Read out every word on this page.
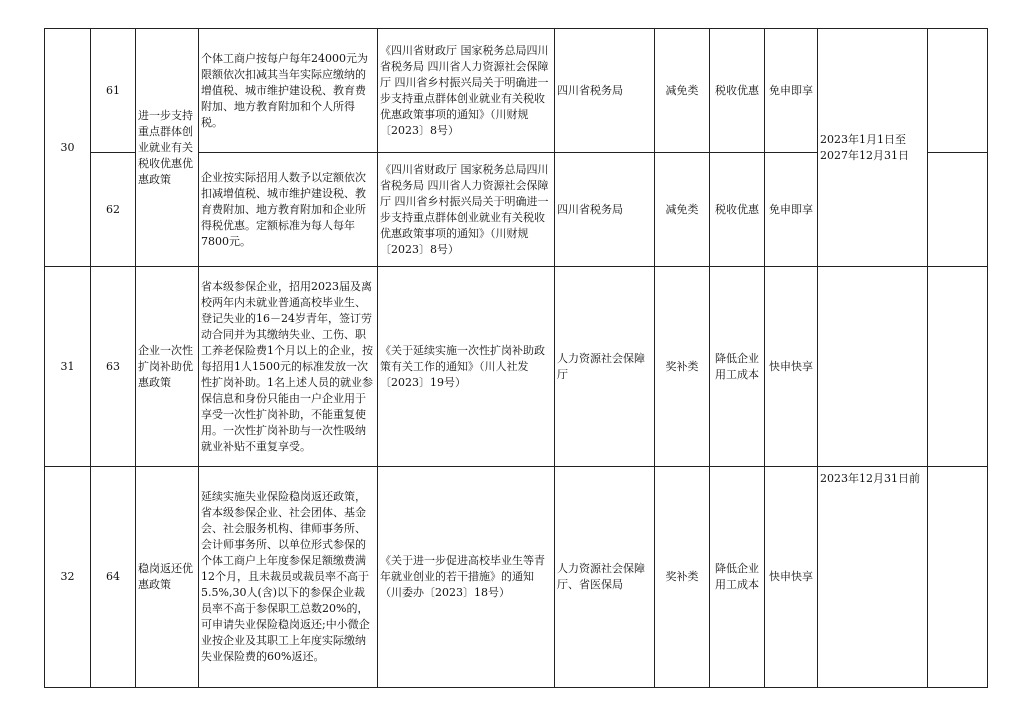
30	61	进一步支持重点群体创业就业有关税收优惠优惠政策	个体工商户按每户每年24000元为限额依次扣减其当年实际应缴纳的增值税、城市维护建设税、教育费附加、地方教育附加和个人所得税。	《四川省财政厅 国家税务总局四川省税务局 四川省人力资源社会保障厅 四川省乡村振兴局关于明确进一步支持重点群体创业就业有关税收优惠政策事项的通知》（川财规〔2023〕8号）	四川省税务局	减免类	税收优惠	免申即享	2023年1月1日至2027年12月31日	
	62		企业按实际招用人数予以定额依次扣减增值税、城市维护建设税、教育费附加、地方教育附加和企业所得税优惠。定额标准为每人每年7800元。	《四川省财政厅 国家税务总局四川省税务局 四川省人力资源社会保障厅 四川省乡村振兴局关于明确进一步支持重点群体创业就业有关税收优惠政策事项的通知》（川财规〔2023〕8号）	四川省税务局	减免类	税收优惠	免申即享		
31	63	企业一次性扩岗补助优惠政策	省本级参保企业，招用2023届及离校两年内未就业普通高校毕业生、登记失业的16－24岁青年，签订劳动合同并为其缴纳失业、工伤、职工养老保险费1个月以上的企业，按每招用1人1500元的标准发放一次性扩岗补助。1名上述人员的就业参保信息和身份只能由一户企业用于享受一次性扩岗补助，不能重复使用。一次性扩岗补助与一次性吸纳就业补贴不重复享受。	《关于延续实施一次性扩岗补助政策有关工作的通知》（川人社发〔2023〕19号）	人力资源社会保障厅	奖补类	降低企业用工成本	快申快享		
32	64	稳岗返还优惠政策	延续实施失业保险稳岗返还政策，省本级参保企业、社会团体、基金会、社会服务机构、律师事务所、会计师事务所、以单位形式参保的个体工商户上年度参保足额缴费满12个月，且未裁员或裁员率不高于5.5%,30人(含)以下的参保企业裁员率不高于参保职工总数20%的，可申请失业保险稳岗返还;中小微企业按企业及其职工上年度实际缴纳失业保险费的60%返还。	《关于进一步促进高校毕业生等青年就业创业的若干措施》的通知（川委办〔2023〕18号）	人力资源社会保障厅、省医保局	奖补类	降低企业用工成本	快申快享	2023年12月31日前	
